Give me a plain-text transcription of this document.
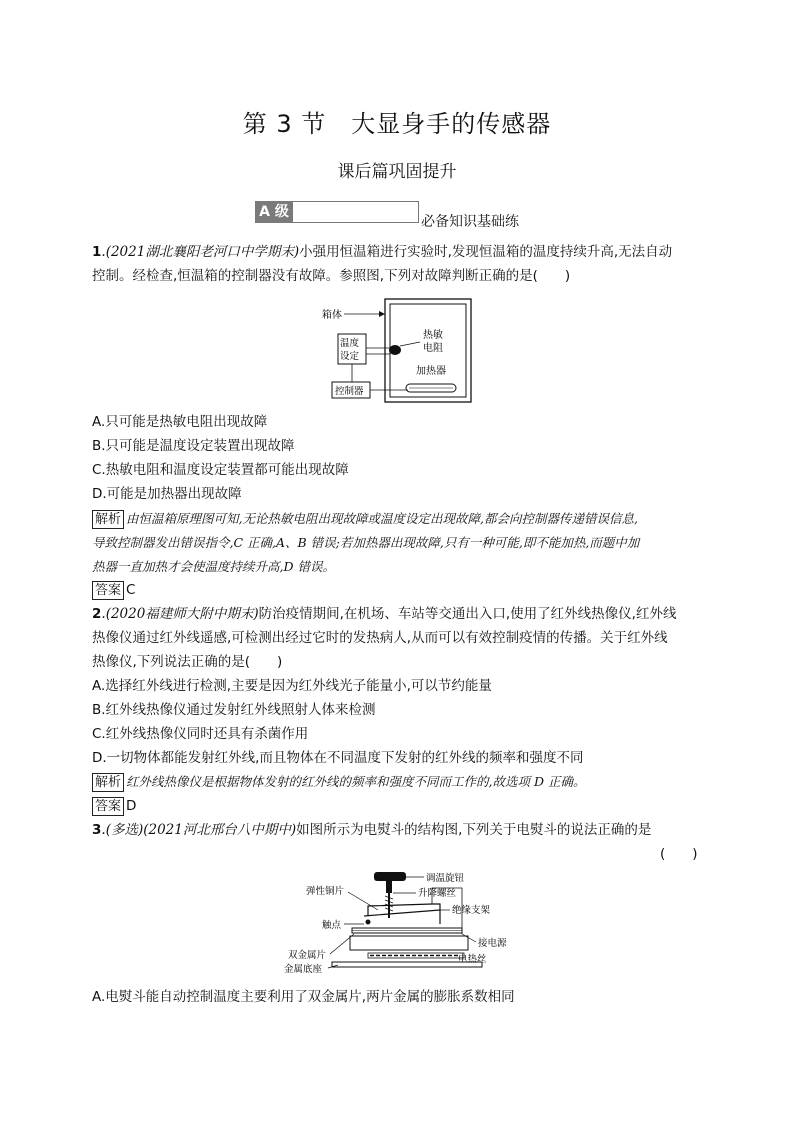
第 3 节　大显身手的传感器
课后篇巩固提升
A 级
必备知识基础练
1.(2021湖北襄阳老河口中学期末)小强用恒温箱进行实验时,发现恒温箱的温度持续升高,无法自动
控制。经检查,恒温箱的控制器没有故障。参照图,下列对故障判断正确的是(　　)
箱体
热敏
电阻
温度
设定
控制器
加热器
A.只可能是热敏电阻出现故障
B.只可能是温度设定装置出现故障
C.热敏电阻和温度设定装置都可能出现故障
D.可能是加热器出现故障
解析 由恒温箱原理图可知,无论热敏电阻出现故障或温度设定出现故障,都会向控制器传递错误信息,
导致控制器发出错误指令,C 正确,A、B 错误;若加热器出现故障,只有一种可能,即不能加热,而题中加
热器一直加热才会使温度持续升高,D 错误。
答案 C
2.(2020福建师大附中期末)防治疫情期间,在机场、车站等交通出入口,使用了红外线热像仪,红外线
热像仪通过红外线遥感,可检测出经过它时的发热病人,从而可以有效控制疫情的传播。关于红外线
热像仪,下列说法正确的是(　　)
A.选择红外线进行检测,主要是因为红外线光子能量小,可以节约能量
B.红外线热像仪通过发射红外线照射人体来检测
C.红外线热像仪同时还具有杀菌作用
D.一切物体都能发射红外线,而且物体在不同温度下发射的红外线的频率和强度不同
解析 红外线热像仪是根据物体发射的红外线的频率和强度不同而工作的,故选项 D 正确。
答案 D
3.(多选)(2021河北邢台八中期中)如图所示为电熨斗的结构图,下列关于电熨斗的说法正确的是
(　　)
调温旋钮
升降螺丝
弹性铜片
绝缘支架
触点
双金属片
接电源
电热丝
金属底座
A.电熨斗能自动控制温度主要利用了双金属片,两片金属的膨胀系数相同
